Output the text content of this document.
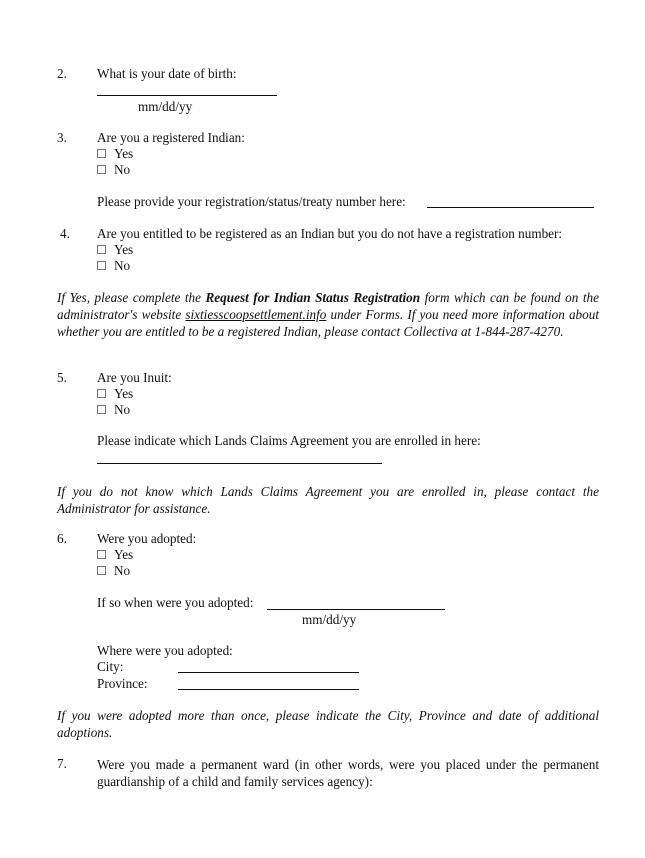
2. What is your date of birth:
mm/dd/yy
3. Are you a registered Indian:
Yes
No
Please provide your registration/status/treaty number here:
4. Are you entitled to be registered as an Indian but you do not have a registration number:
Yes
No
If Yes, please complete the Request for Indian Status Registration form which can be found on the administrator's website sixtiesscoopsettlement.info under Forms. If you need more information about whether you are entitled to be a registered Indian, please contact Collectiva at 1-844-287-4270.
5. Are you Inuit:
Yes
No
Please indicate which Lands Claims Agreement you are enrolled in here:
If you do not know which Lands Claims Agreement you are enrolled in, please contact the Administrator for assistance.
6. Were you adopted:
Yes
No
If so when were you adopted:
mm/dd/yy
Where were you adopted:
City:
Province:
If you were adopted more than once, please indicate the City, Province and date of additional adoptions.
7. Were you made a permanent ward (in other words, were you placed under the permanent guardianship of a child and family services agency):
